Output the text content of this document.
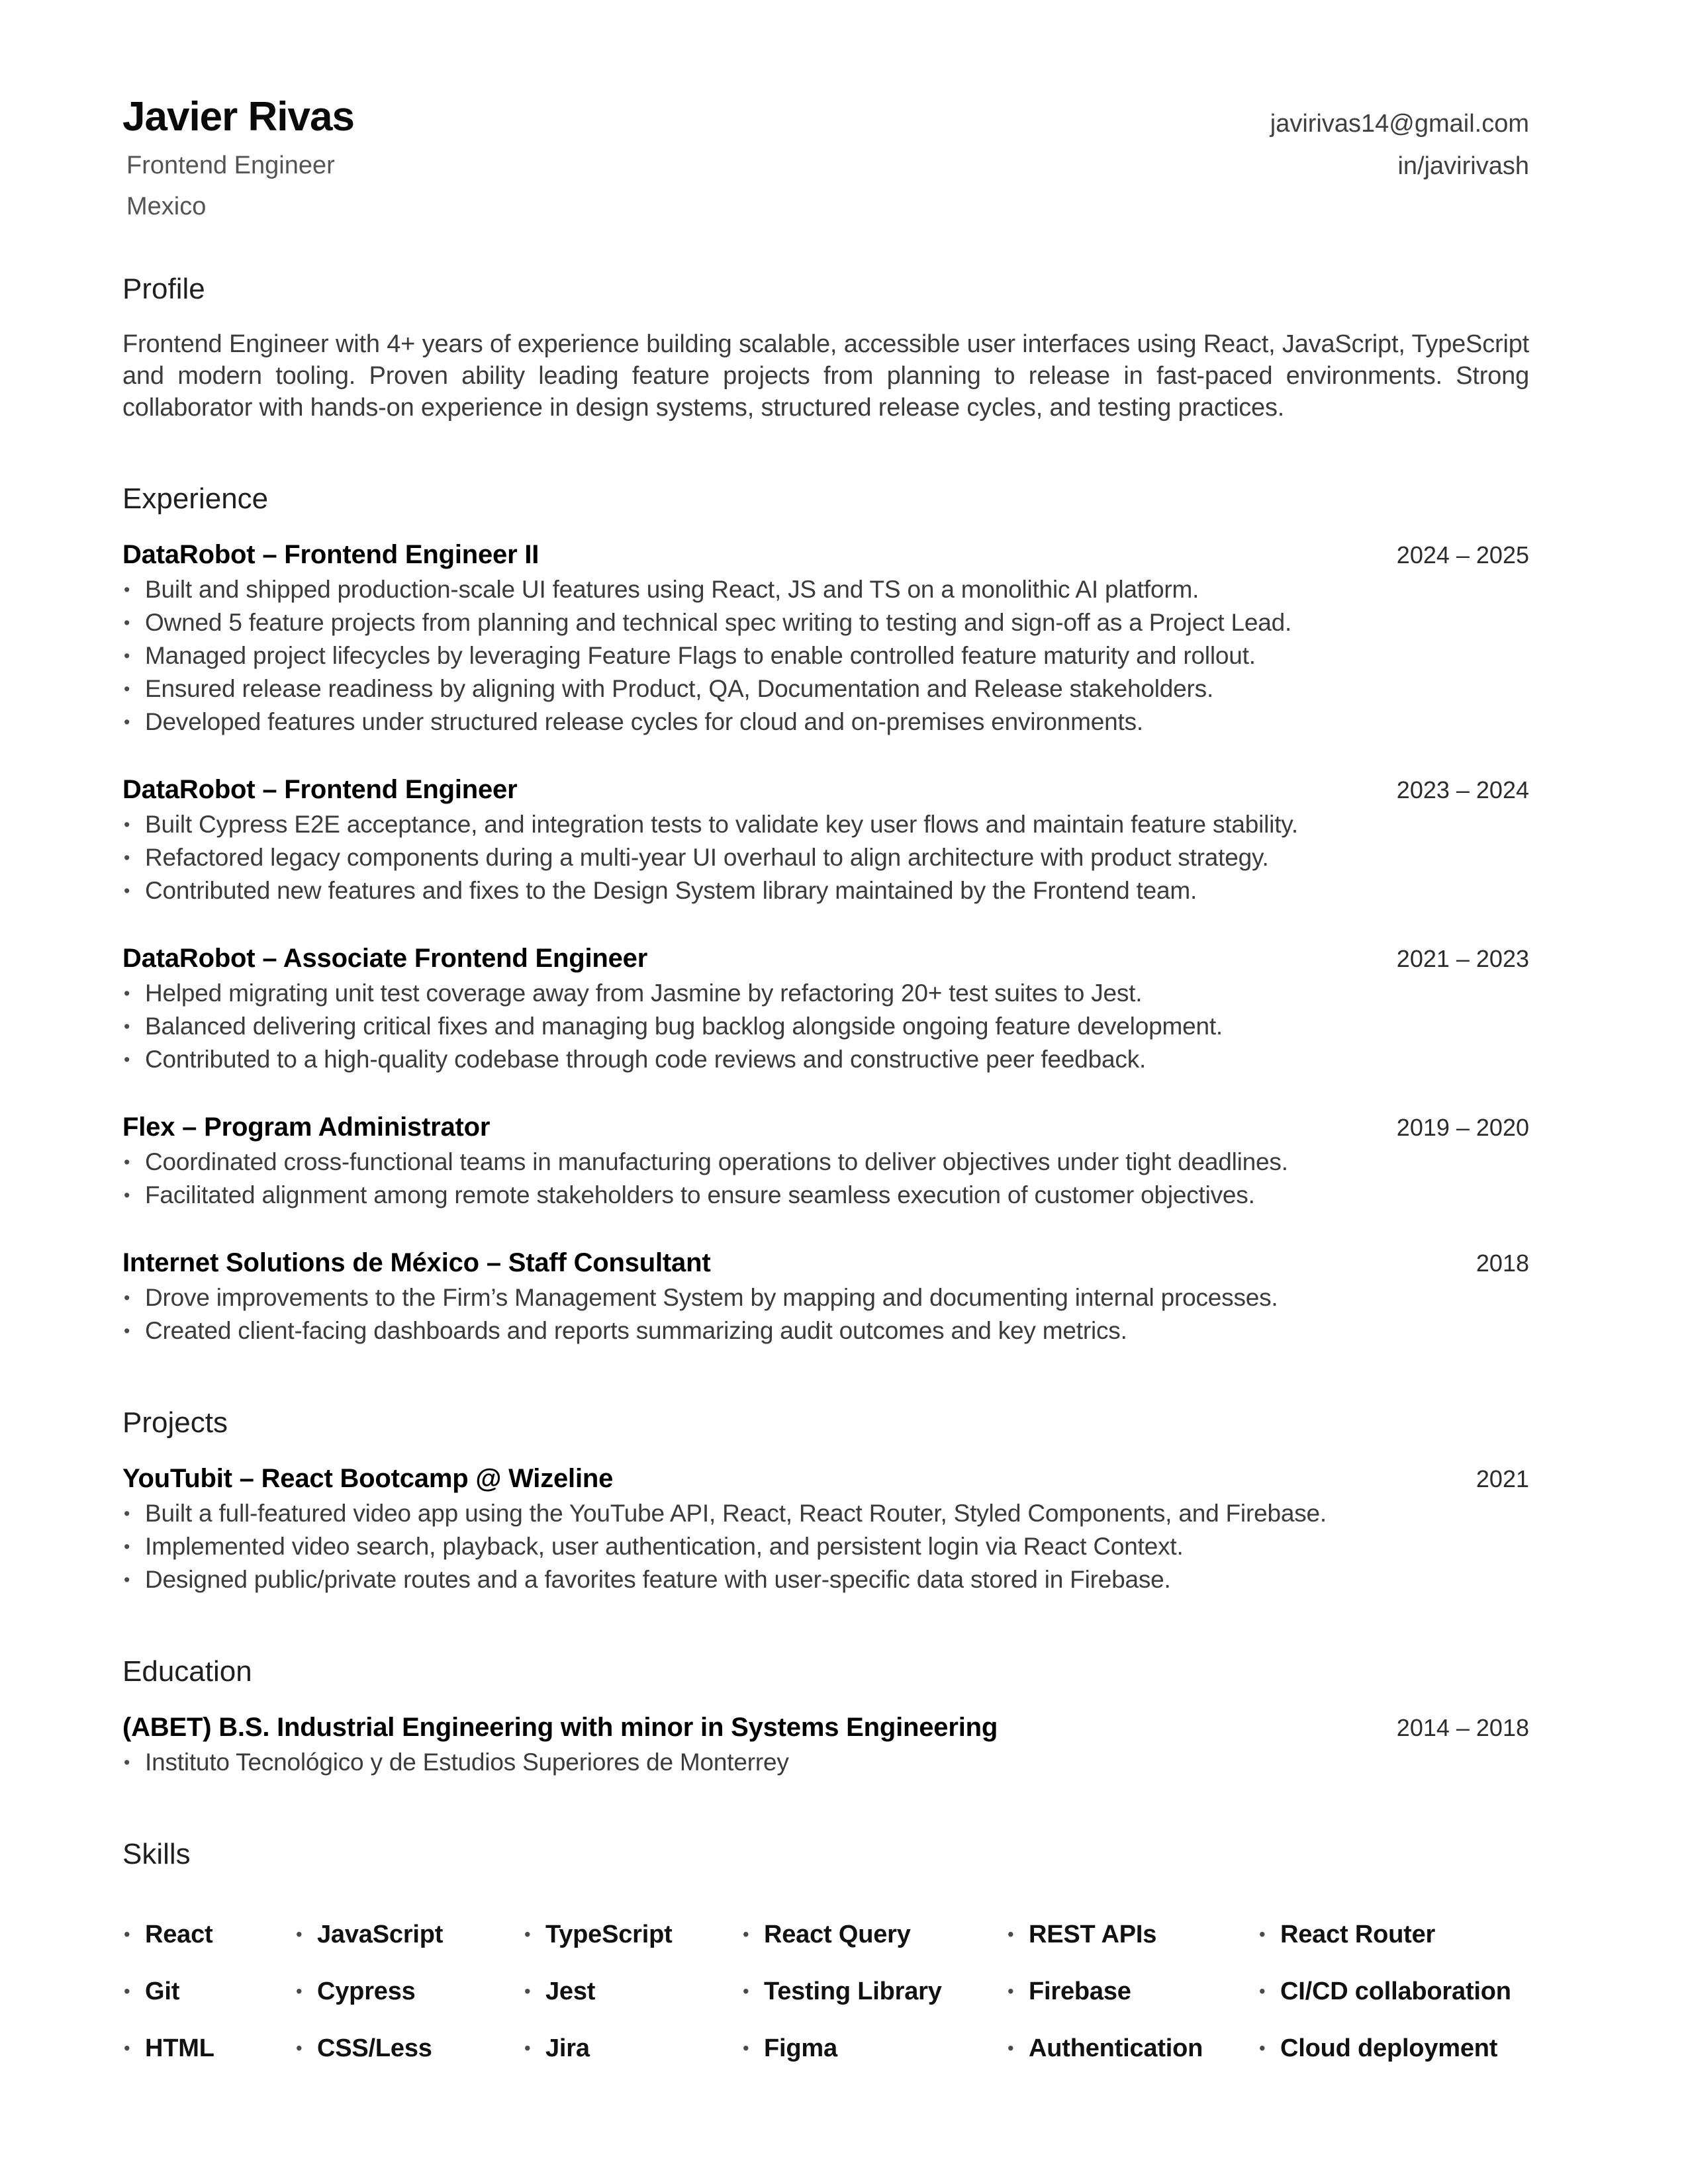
Javier Rivas
Frontend Engineer
Mexico
javirivas14@gmail.com
in/javirivash
Profile

Frontend Engineer with 4+ years of experience building scalable, accessible user interfaces using React, JavaScript, TypeScript and modern tooling. Proven ability leading feature projects from planning to release in fast-paced environments. Strong collaborator with hands-on experience in design systems, structured release cycles, and testing practices.

Experience
DataRobot – Frontend Engineer II	2024 – 2025
• Built and shipped production-scale UI features using React, JS and TS on a monolithic AI platform.
• Owned 5 feature projects from planning and technical spec writing to testing and sign-off as a Project Lead.
• Managed project lifecycles by leveraging Feature Flags to enable controlled feature maturity and rollout.
• Ensured release readiness by aligning with Product, QA, Documentation and Release stakeholders.
• Developed features under structured release cycles for cloud and on-premises environments.
DataRobot – Frontend Engineer	2023 – 2024
• Built Cypress E2E acceptance, and integration tests to validate key user flows and maintain feature stability.
• Refactored legacy components during a multi-year UI overhaul to align architecture with product strategy.
• Contributed new features and fixes to the Design System library maintained by the Frontend team.
DataRobot – Associate Frontend Engineer	2021 – 2023
• Helped migrating unit test coverage away from Jasmine by refactoring 20+ test suites to Jest.
• Balanced delivering critical fixes and managing bug backlog alongside ongoing feature development.
• Contributed to a high-quality codebase through code reviews and constructive peer feedback.
Flex – Program Administrator	2019 – 2020
• Coordinated cross-functional teams in manufacturing operations to deliver objectives under tight deadlines.
• Facilitated alignment among remote stakeholders to ensure seamless execution of customer objectives.
Internet Solutions de México – Staff Consultant	2018
• Drove improvements to the Firm’s Management System by mapping and documenting internal processes.
• Created client-facing dashboards and reports summarizing audit outcomes and key metrics.
Projects
YouTubit – React Bootcamp @ Wizeline	2021
• Built a full-featured video app using the YouTube API, React, React Router, Styled Components, and Firebase.
• Implemented video search, playback, user authentication, and persistent login via React Context.
• Designed public/private routes and a favorites feature with user-specific data stored in Firebase.
Education
(ABET) B.S. Industrial Engineering with minor in Systems Engineering	2014 – 2018
• Instituto Tecnológico y de Estudios Superiores de Monterrey
Skills
• React	• JavaScript	• TypeScript	• React Query	• REST APIs	• React Router
• Git	• Cypress	• Jest	• Testing Library	• Firebase	• CI/CD collaboration
• HTML	• CSS/Less	• Jira	• Figma	• Authentication	• Cloud deployment
